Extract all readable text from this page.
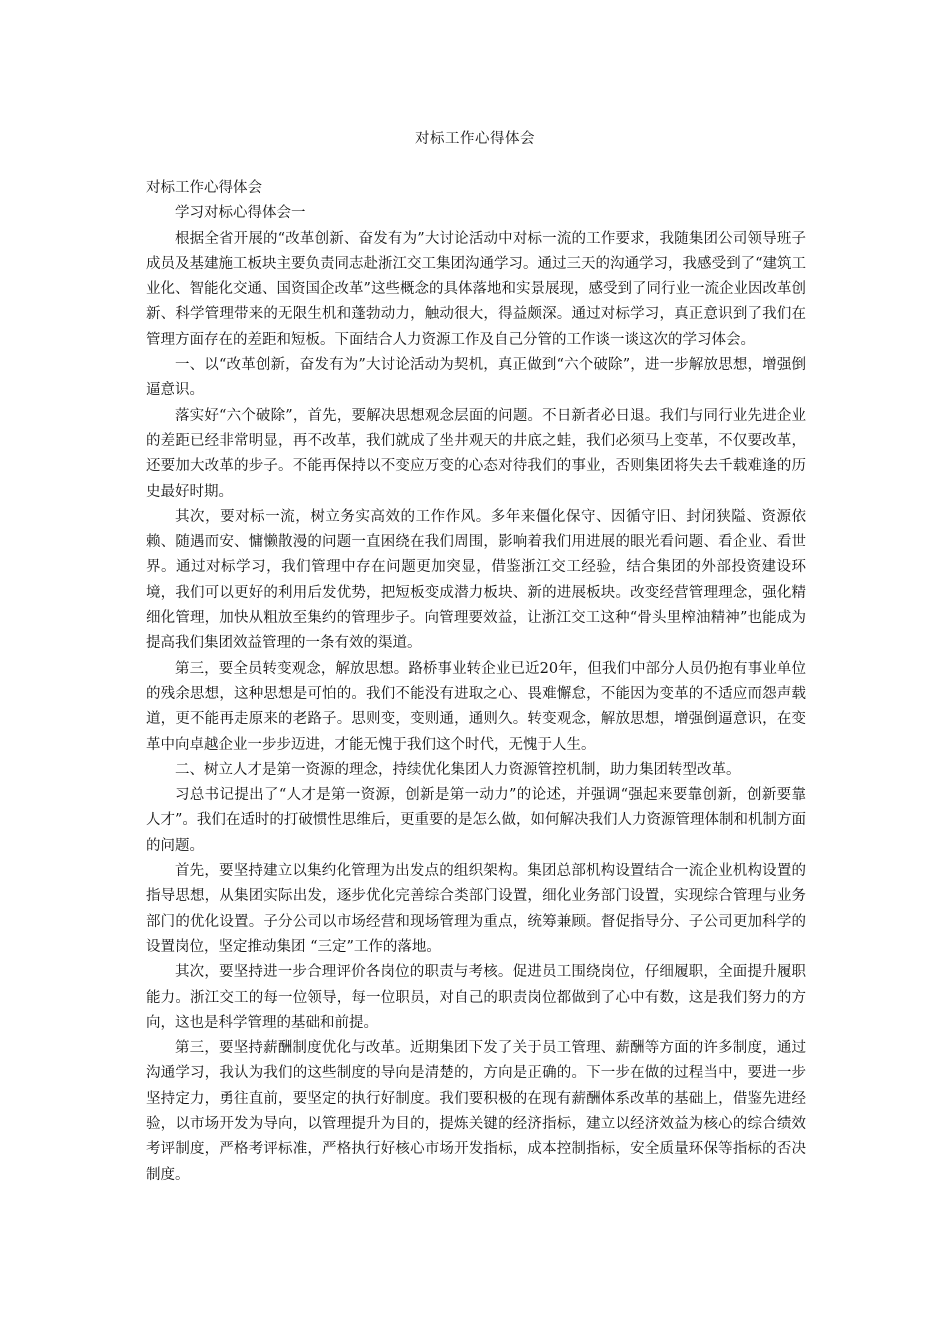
对标工作心得体会

对标工作心得体会

学习对标心得体会一

根据全省开展的“改革创新、奋发有为”大讨论活动中对标一流的工作要求，我随集团公司领导班子成员及基建施工板块主要负责同志赴浙江交工集团沟通学习。通过三天的沟通学习，我感受到了“建筑工业化、智能化交通、国资国企改革”这些概念的具体落地和实景展现，感受到了同行业一流企业因改革创新、科学管理带来的无限生机和蓬勃动力，触动很大，得益颇深。通过对标学习，真正意识到了我们在管理方面存在的差距和短板。下面结合人力资源工作及自己分管的工作谈一谈这次的学习体会。

一、以“改革创新，奋发有为”大讨论活动为契机，真正做到“六个破除”，进一步解放思想，增强倒逼意识。

落实好“六个破除”，首先，要解决思想观念层面的问题。不日新者必日退。我们与同行业先进企业的差距已经非常明显，再不改革，我们就成了坐井观天的井底之蛙，我们必须马上变革，不仅要改革，还要加大改革的步子。不能再保持以不变应万变的心态对待我们的事业，否则集团将失去千载难逢的历史最好时期。

其次，要对标一流，树立务实高效的工作作风。多年来僵化保守、因循守旧、封闭狭隘、资源依赖、随遇而安、慵懒散漫的问题一直困绕在我们周围，影响着我们用进展的眼光看问题、看企业、看世界。通过对标学习，我们管理中存在问题更加突显，借鉴浙江交工经验，结合集团的外部投资建设环境，我们可以更好的利用后发优势，把短板变成潜力板块、新的进展板块。改变经营管理理念，强化精细化管理，加快从粗放至集约的管理步子。向管理要效益，让浙江交工这种“骨头里榨油精神”也能成为提高我们集团效益管理的一条有效的渠道。

第三，要全员转变观念，解放思想。路桥事业转企业已近20年，但我们中部分人员仍抱有事业单位的残余思想，这种思想是可怕的。我们不能没有进取之心、畏难懈怠，不能因为变革的不适应而怨声载道，更不能再走原来的老路子。思则变，变则通，通则久。转变观念，解放思想，增强倒逼意识，在变革中向卓越企业一步步迈进，才能无愧于我们这个时代，无愧于人生。

二、树立人才是第一资源的理念，持续优化集团人力资源管控机制，助力集团转型改革。

习总书记提出了“人才是第一资源，创新是第一动力”的论述，并强调“强起来要靠创新，创新要靠人才”。我们在适时的打破惯性思维后，更重要的是怎么做，如何解决我们人力资源管理体制和机制方面的问题。

首先，要坚持建立以集约化管理为出发点的组织架构。集团总部机构设置结合一流企业机构设置的指导思想，从集团实际出发，逐步优化完善综合类部门设置，细化业务部门设置，实现综合管理与业务部门的优化设置。子分公司以市场经营和现场管理为重点，统筹兼顾。督促指导分、子公司更加科学的设置岗位，坚定推动集团 “三定”工作的落地。

其次，要坚持进一步合理评价各岗位的职责与考核。促进员工围绕岗位，仔细履职，全面提升履职能力。浙江交工的每一位领导，每一位职员，对自己的职责岗位都做到了心中有数，这是我们努力的方向，这也是科学管理的基础和前提。

第三，要坚持薪酬制度优化与改革。近期集团下发了关于员工管理、薪酬等方面的许多制度，通过沟通学习，我认为我们的这些制度的导向是清楚的，方向是正确的。下一步在做的过程当中，要进一步坚持定力，勇往直前，要坚定的执行好制度。我们要积极的在现有薪酬体系改革的基础上，借鉴先进经验，以市场开发为导向，以管理提升为目的，提炼关键的经济指标，建立以经济效益为核心的综合绩效考评制度，严格考评标准，严格执行好核心市场开发指标，成本控制指标，安全质量环保等指标的否决制度。
